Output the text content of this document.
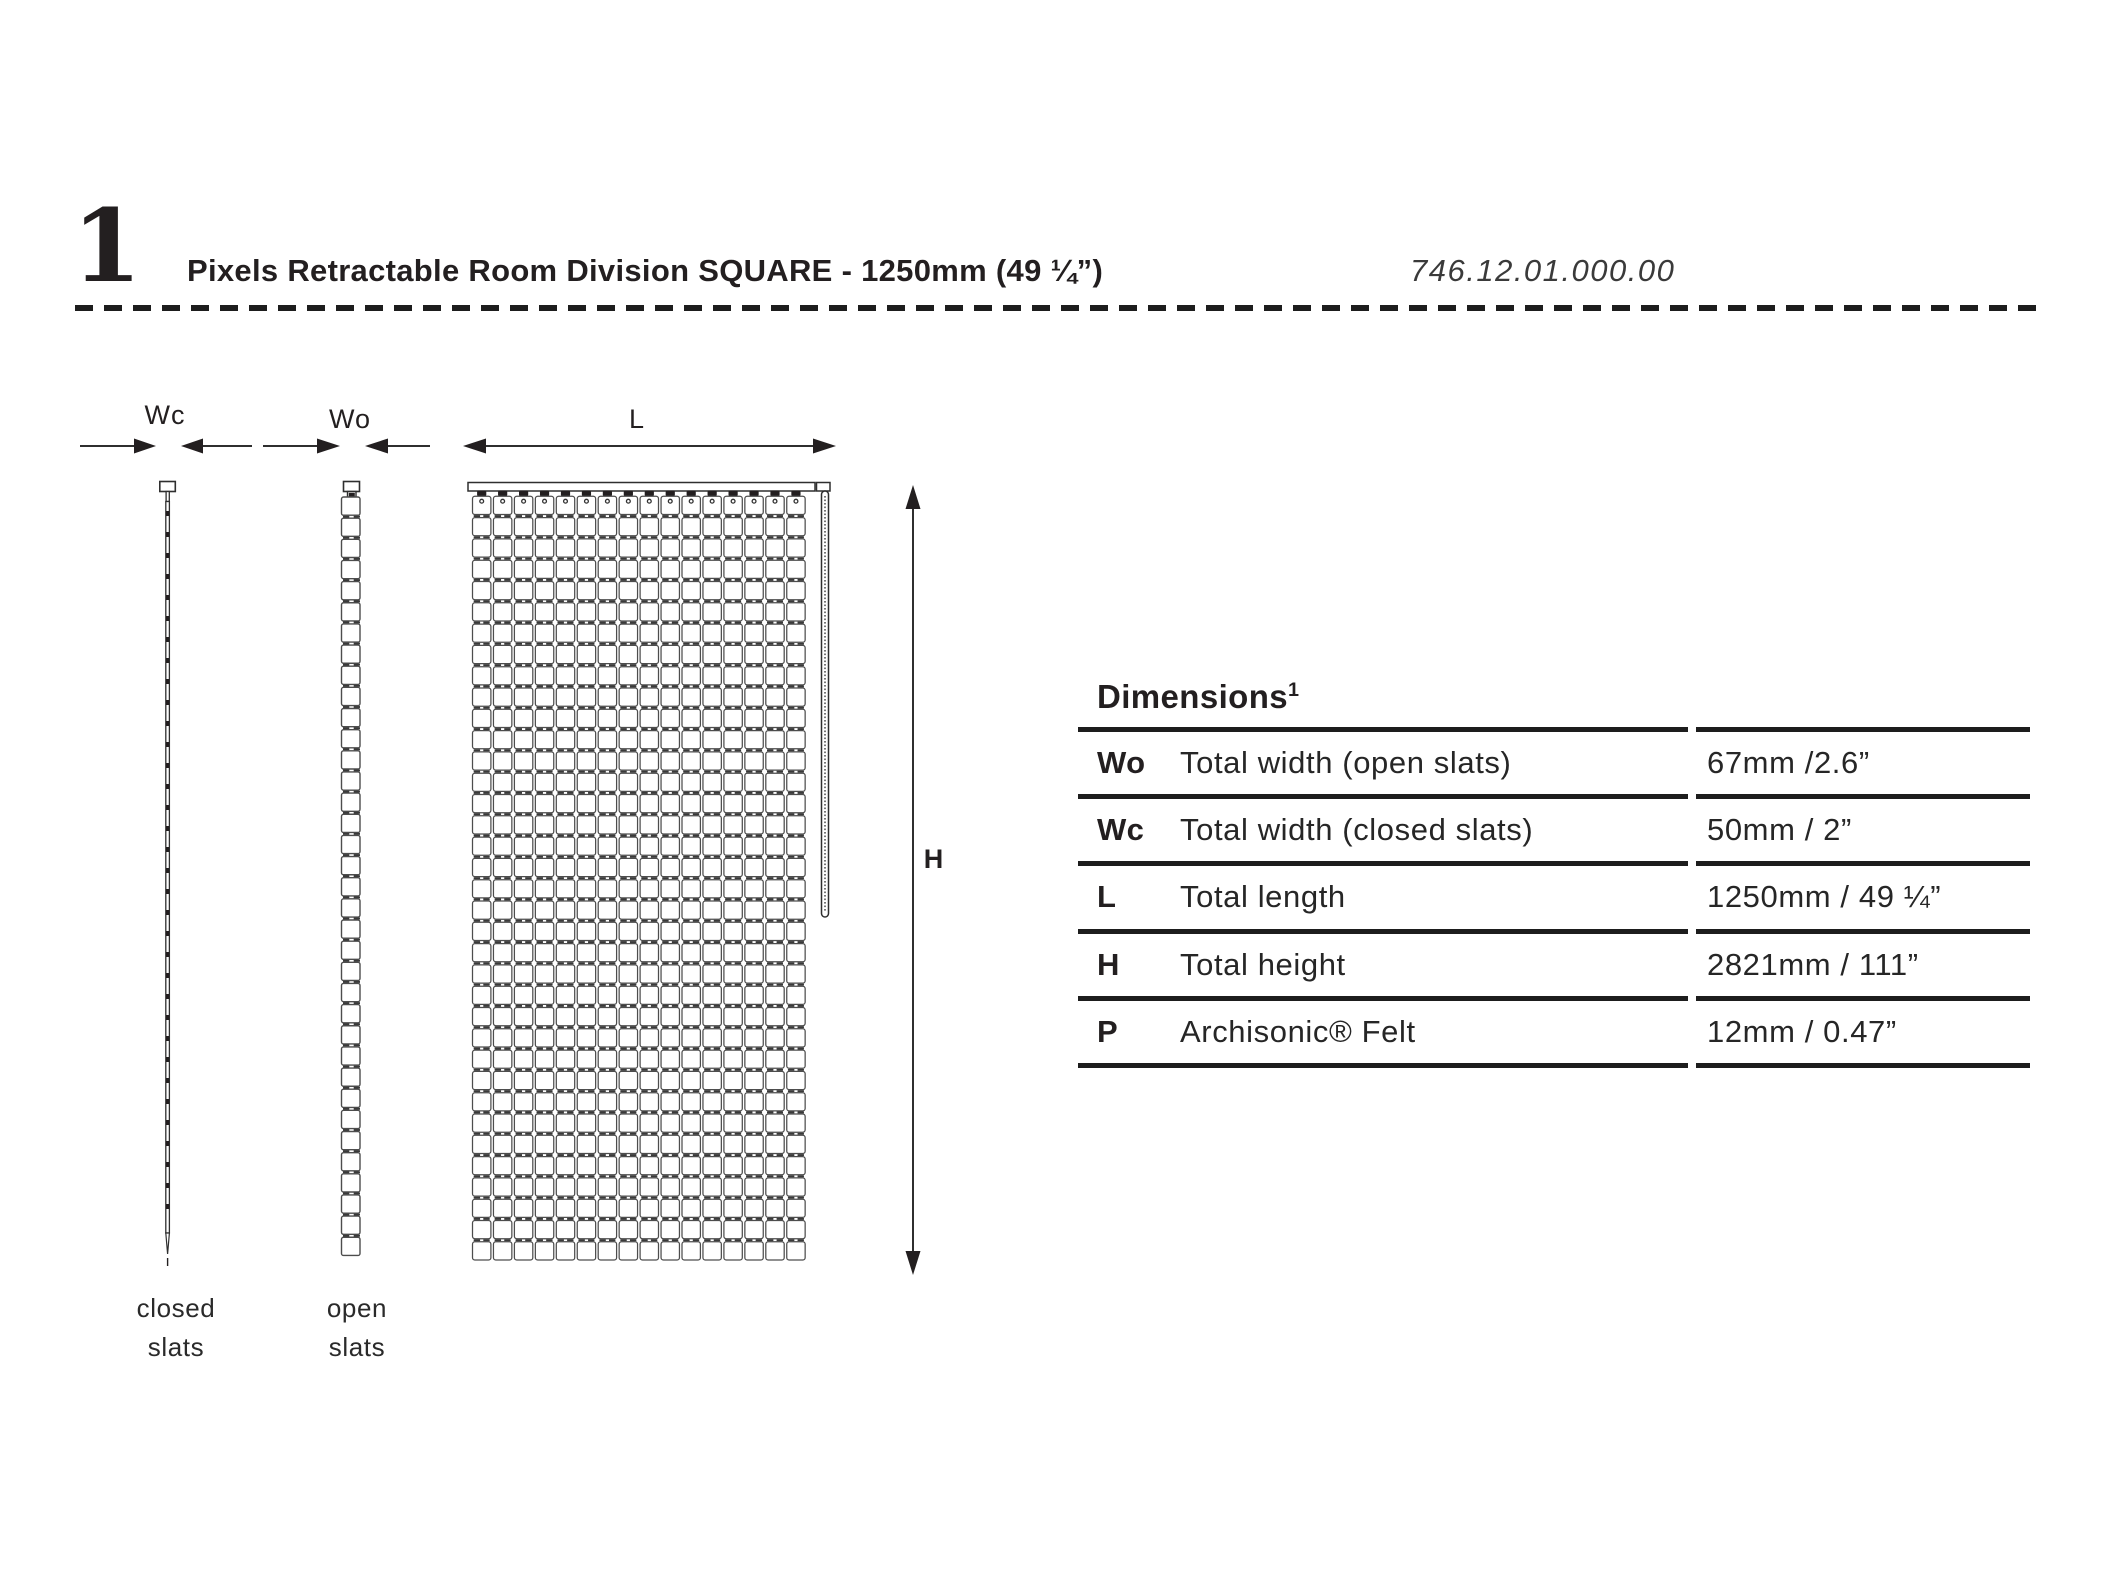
1 Pixels Retractable Room Division SQUARE - 1250mm (49 ¼”)	746.12.01.000.00
Wc	Wo	L
H
closed
slats
open
slats
Dimensions$^1$
Wo Total width (open slats)	67mm /2.6”
Wc Total width (closed slats)	50mm / 2”
L Total length	1250mm / 49 ¼”
H Total height	2821mm / 111”
P Archisonic® Felt	12mm / 0.47”
